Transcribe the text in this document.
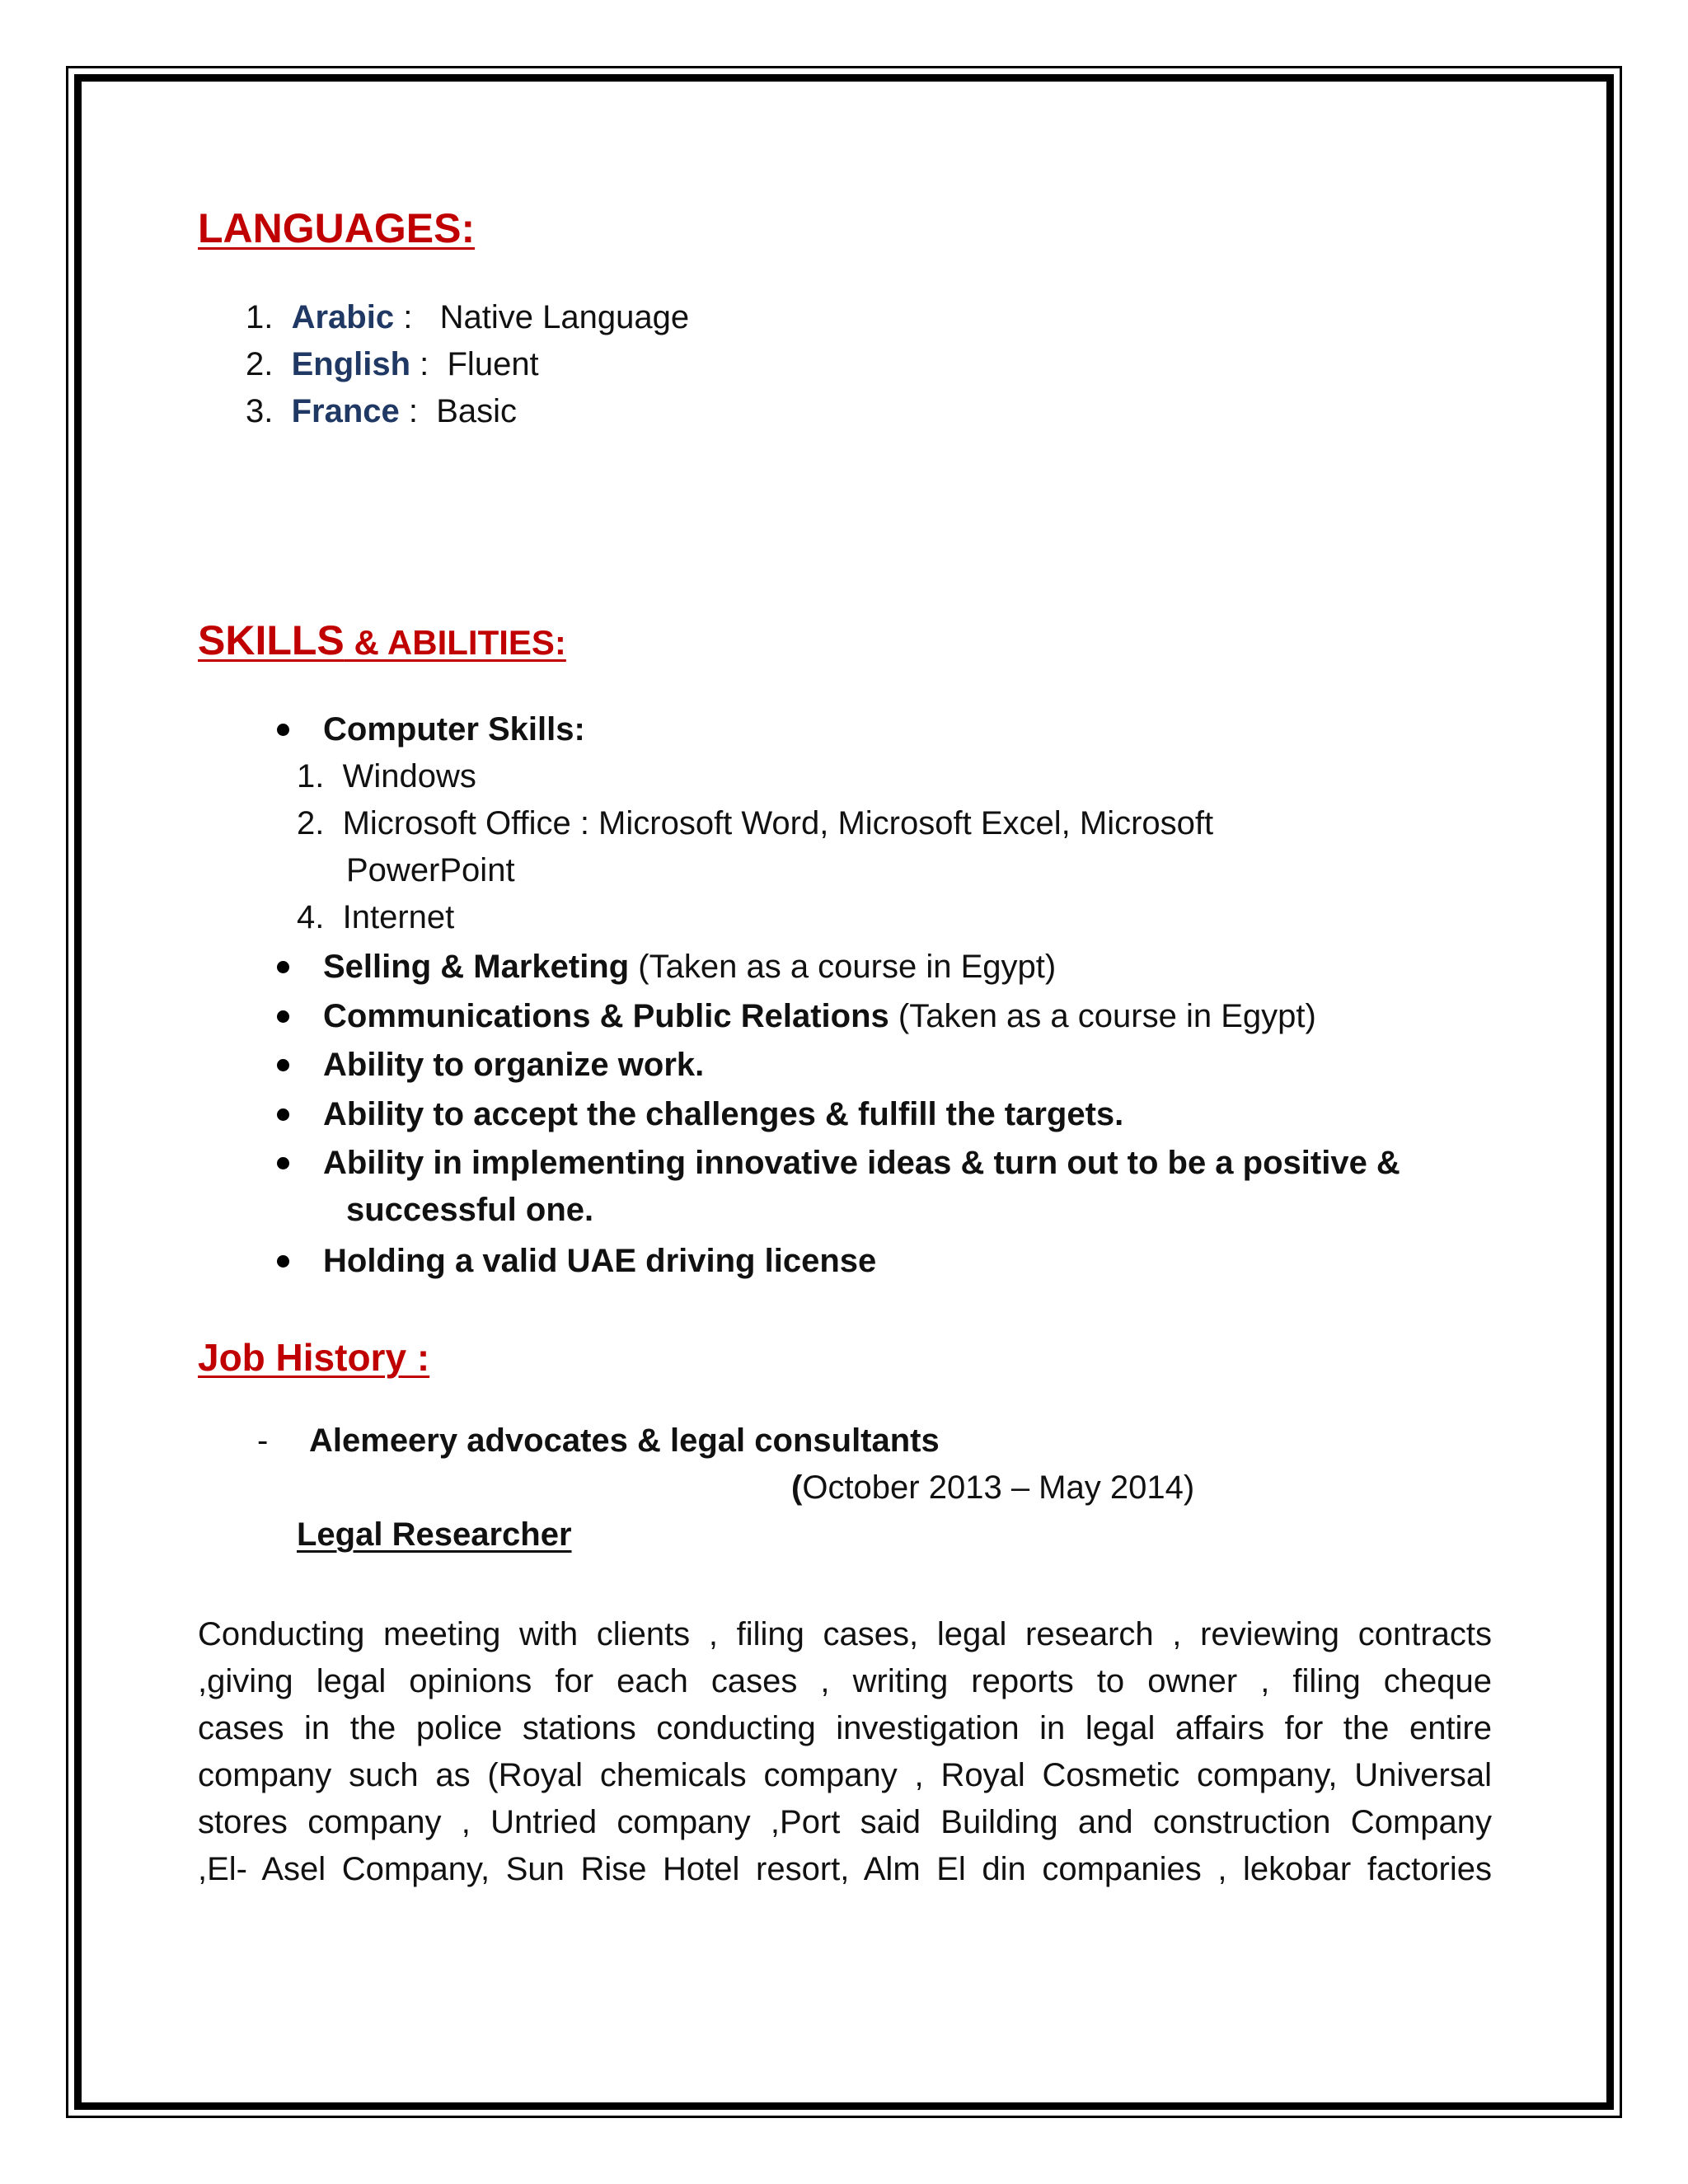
LANGUAGES:
1. Arabic :   Native Language
2. English :  Fluent
3. France :  Basic
SKILLS & ABILITIES:
Computer Skills:
1. Windows
2. Microsoft Office : Microsoft Word, Microsoft Excel, Microsoft
PowerPoint
4. Internet
Selling & Marketing (Taken as a course in Egypt)
Communications & Public Relations (Taken as a course in Egypt)
Ability to organize work.
Ability to accept the challenges & fulfill the targets.
Ability in implementing innovative ideas & turn out to be a positive &
successful one.
Holding a valid UAE driving license
Job History :
- Alemeery advocates & legal consultants
(October 2013 – May 2014)
Legal Researcher
Conducting meeting with clients , filing cases, legal research , reviewing contracts
,giving legal opinions for each cases , writing reports to owner , filing cheque
cases in the police stations conducting investigation in legal affairs for the entire
company such as (Royal chemicals company , Royal Cosmetic company, Universal
stores company , Untried company ,Port said Building and construction Company
,El- Asel Company, Sun Rise Hotel resort, Alm El din companies , lekobar factories
